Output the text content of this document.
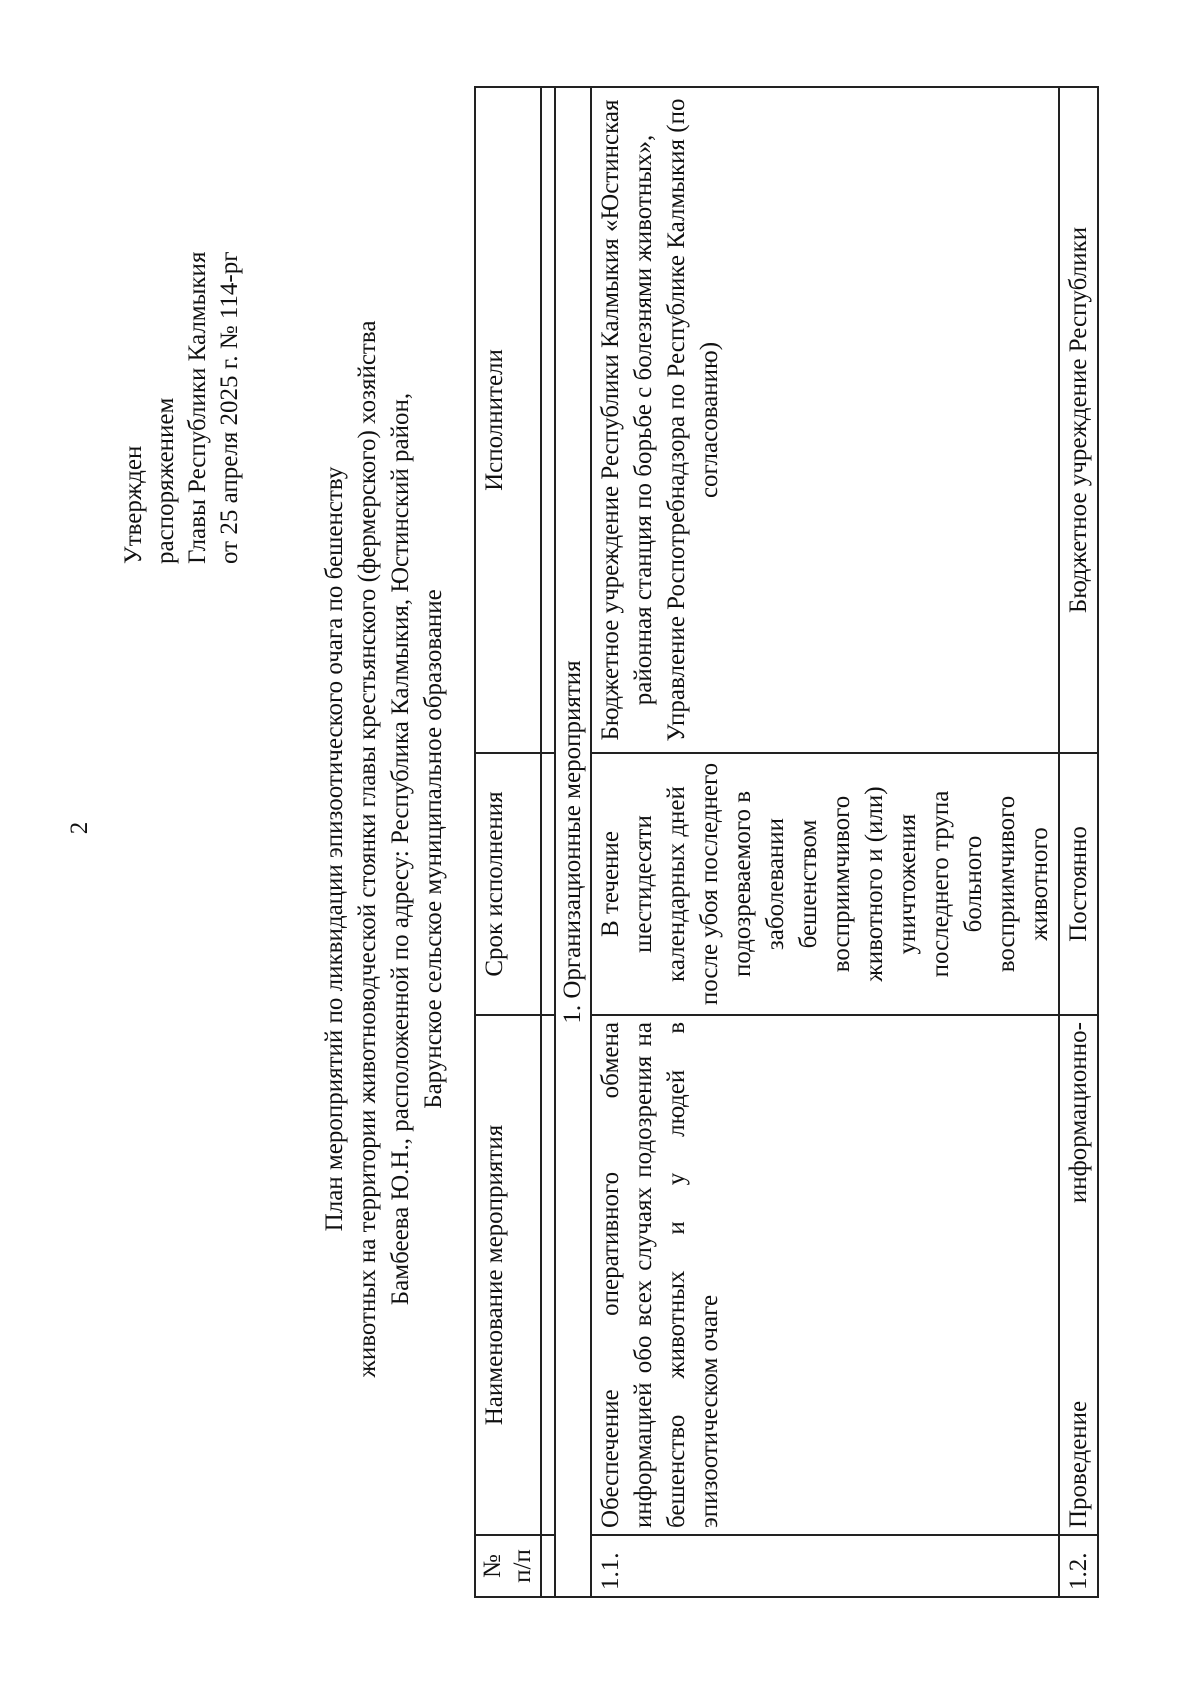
2
Утвержден распоряжением Главы Республики Калмыкия от 25 апреля 2025 г. № 114-рг
План мероприятий по ликвидации эпизоотического очага по бешенству животных на территории животноводческой стоянки главы крестьянского (фермерского) хозяйства Бамбеева Ю.Н., расположенной по адресу: Республика Калмыкия, Юстинский район, Барунское сельское муниципальное образование
№ п/п	Наименование мероприятия	Срок исполнения	Исполнители

1. Организационные мероприятия			
1.1.	Обеспечение оперативного обмена информацией обо всех случаях подозрения на бешенство животных и у людей в эпизоотическом очаге	В течение шестидесяти календарных дней после убоя последнего подозреваемого в заболевании бешенством восприимчивого животного и (или) уничтожения последнего трупа больного восприимчивого животного	Бюджетное учреждение Республики Калмыкия «Юстинская районная станция по борьбе с болезнями животных», Управление Роспотребнадзора по Республике Калмыкия (по согласованию)
1.2.	Проведение информационно-	Постоянно	Бюджетное учреждение Республики
